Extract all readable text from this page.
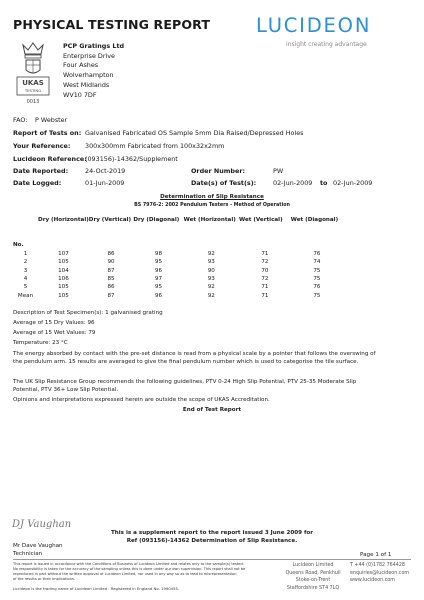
PHYSICAL TESTING REPORT LUCIDEON
insight creating advantage
UKAS
TESTING
0013
PCP Gratings Ltd
Enterprise Drive
Four Ashes
Wolverhampton
West Midlands
WV10 7DF
FAO: P Webster
Report of Tests on: Galvanised Fabricated OS Sample 5mm Dia Raised/Depressed Holes
Your Reference: 300x300mm Fabricated from 100x32x2mm
Lucideon Reference:
(093156)-14362/Supplement
Date Reported:	24-Oct-2019	Order Number:	PW
Date Logged:	01-Jun-2009	Date(s) of Test(s):	02-Jun-2009 to 02-Jun-2009
Determination of Slip Resistance
BS 7976-2: 2002 Pendulum Testers - Method of Operation
	Dry (Horizontal)	Dry (Vertical)	Dry (Diagonal)	Wet (Horizontal)	Wet (Vertical)	Wet (Diagonal)
No.						
1	107	86	98	92	71	76
2	105	90	95	93	72	74
3	104	87	96	90	70	75
4	106	85	97	93	72	75
5	105	86	95	92	71	76
Mean	105	87	96	92	71	75
Description of Test Specimen(s): 1 galvanised grating
Average of 15 Dry Values: 96
Average of 15 Wet Values: 79
Temperature: 23 °C
The energy absorbed by contact with the pre-set distance is read from a physical scale by a pointer that follows the overswing of
the pendulum arm. 15 results are averaged to give the final pendulum number which is used to categorise the tile surface.
The UK Slip Resistance Group recommends the following guidelines, PTV 0-24 High Slip Potential, PTV 25-35 Moderate Slip
Potential, PTV 36+ Low Slip Potential.
Opinions and interpretations expressed herein are outside the scope of UKAS Accreditation.
End of Test Report
DJ Vaughan
Mr Dave Vaughan
Technician
This is a supplement report to the report issued 3 June 2009 for
Ref (093156)-14362 Determination of Slip Resistance.
Page 1 of 1
This report is issued in accordance with the Conditions of Business of Lucideon Limited and relates only to the sample(s) tested.
No responsibility is taken for the accuracy of the sampling unless this is done under our own supervision. This report shall not be
reproduced in part without the written approval of Lucideon Limited, nor used in any way so as to lead to misrepresentation
of the results or their implications.
Lucideon is the trading name of Lucideon Limited . Registered in England No. 1990455.
Lucideon Limited
Queens Road, Penkhull
Stoke-on-Trent
Staffordshire ST4 7LQ
T +44 (0)1782 764428
enquiries@lucideon.com
www.lucideon.com
